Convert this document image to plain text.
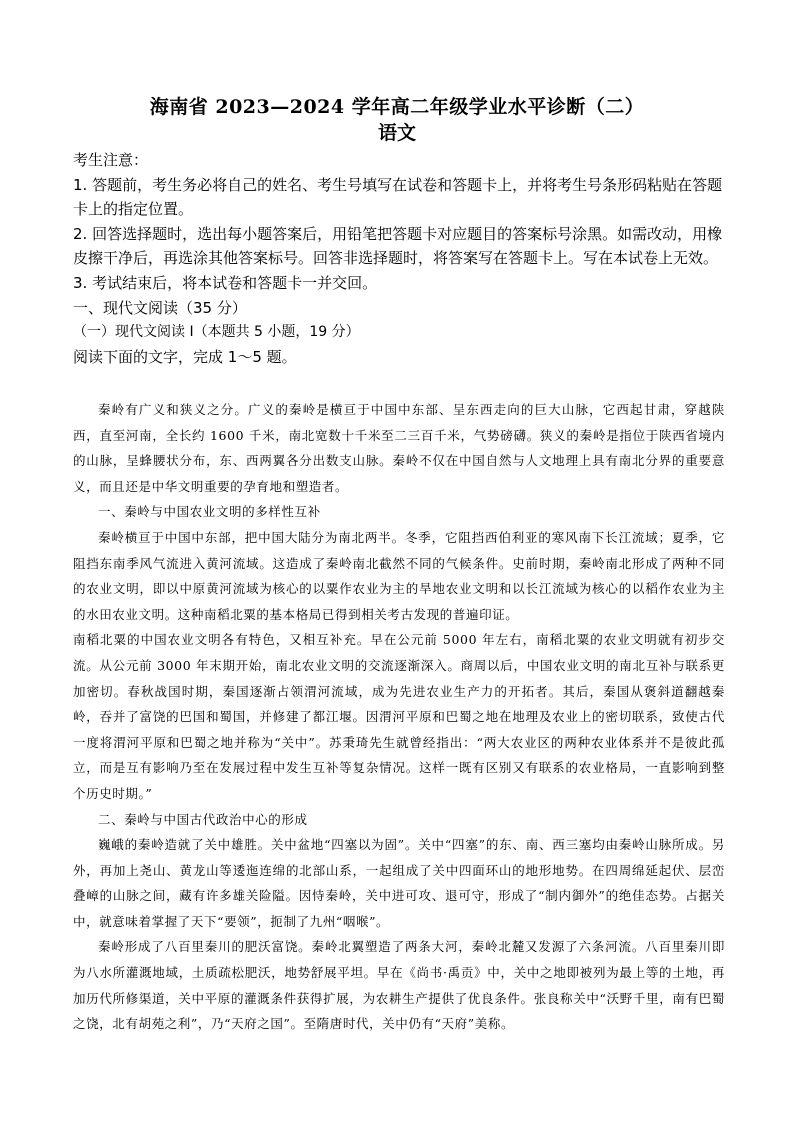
海南省 2023—2024 学年高二年级学业水平诊断（二）
语文

考生注意：

1. 答题前，考生务必将自己的姓名、考生号填写在试卷和答题卡上，并将考生号条形码粘贴在答题卡上的指定位置。

2. 回答选择题时，选出每小题答案后，用铅笔把答题卡对应题目的答案标号涂黑。如需改动，用橡皮擦干净后，再选涂其他答案标号。回答非选择题时，将答案写在答题卡上。写在本试卷上无效。

3. 考试结束后，将本试卷和答题卡一并交回。

一、现代文阅读（35 分）

（一）现代文阅读 I（本题共 5 小题，19 分）

阅读下面的文字，完成 1～5 题。

秦岭有广义和狭义之分。广义的秦岭是横亘于中国中东部、呈东西走向的巨大山脉，它西起甘肃，穿越陕西，直至河南，全长约 1600 千米，南北宽数十千米至二三百千米，气势磅礴。狭义的秦岭是指位于陕西省境内的山脉，呈蜂腰状分布，东、西两翼各分出数支山脉。秦岭不仅在中国自然与人文地理上具有南北分界的重要意义，而且还是中华文明重要的孕育地和塑造者。

一、秦岭与中国农业文明的多样性互补

秦岭横亘于中国中东部，把中国大陆分为南北两半。冬季，它阻挡西伯利亚的寒风南下长江流域；夏季，它阻挡东南季风气流进入黄河流域。这造成了秦岭南北截然不同的气候条件。史前时期，秦岭南北形成了两种不同的农业文明，即以中原黄河流域为核心的以粟作农业为主的旱地农业文明和以长江流域为核心的以稻作农业为主的水田农业文明。这种南稻北粟的基本格局已得到相关考古发现的普遍印证。

南稻北粟的中国农业文明各有特色，又相互补充。早在公元前 5000 年左右，南稻北粟的农业文明就有初步交流。从公元前 3000 年末期开始，南北农业文明的交流逐渐深入。商周以后，中国农业文明的南北互补与联系更加密切。春秋战国时期，秦国逐渐占领渭河流域，成为先进农业生产力的开拓者。其后，秦国从褒斜道翻越秦岭，吞并了富饶的巴国和蜀国，并修建了都江堰。因渭河平原和巴蜀之地在地理及农业上的密切联系，致使古代一度将渭河平原和巴蜀之地并称为“关中”。苏秉琦先生就曾经指出：“两大农业区的两种农业体系并不是彼此孤立，而是互有影响乃至在发展过程中发生互补等复杂情况。这样一既有区别又有联系的农业格局，一直影响到整个历史时期。”

二、秦岭与中国古代政治中心的形成

巍峨的秦岭造就了关中雄胜。关中盆地“四塞以为固”。关中“四塞”的东、南、西三塞均由秦岭山脉所成。另外，再加上尧山、黄龙山等逶迤连绵的北部山系，一起组成了关中四面环山的地形地势。在四周绵延起伏、层峦叠嶂的山脉之间，藏有许多雄关险隘。因恃秦岭，关中进可攻、退可守，形成了“制内御外”的绝佳态势。占据关中，就意味着掌握了天下“要领”，扼制了九州“咽喉”。

秦岭形成了八百里秦川的肥沃富饶。秦岭北翼塑造了两条大河，秦岭北麓又发源了六条河流。八百里秦川即为八水所灌溉地域，土质疏松肥沃，地势舒展平坦。早在《尚书·禹贡》中，关中之地即被列为最上等的土地，再加历代所修渠道，关中平原的灌溉条件获得扩展，为农耕生产提供了优良条件。张良称关中“沃野千里，南有巴蜀之饶，北有胡苑之利”，乃“天府之国”。至隋唐时代，关中仍有“天府”美称。
